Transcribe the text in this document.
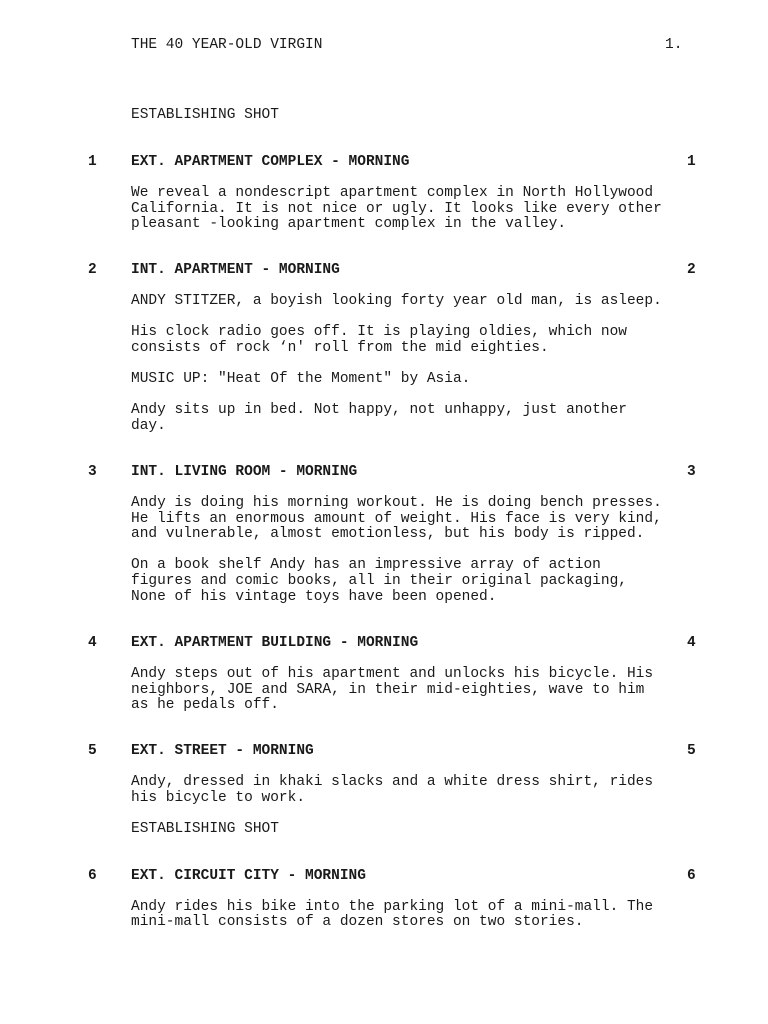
THE 40 YEAR-OLD VIRGIN	1.
ESTABLISHING SHOT
1 EXT. APARTMENT COMPLEX - MORNING	1
We reveal a nondescript apartment complex in North Hollywood
California. It is not nice or ugly. It looks like every other
pleasant -looking apartment complex in the valley.
2 INT. APARTMENT - MORNING	2
ANDY STITZER, a boyish looking forty year old man, is asleep.
His clock radio goes off. It is playing oldies, which now
consists of rock ‘n' roll from the mid eighties.
MUSIC UP: "Heat Of the Moment" by Asia.
Andy sits up in bed. Not happy, not unhappy, just another
day.
3 INT. LIVING ROOM - MORNING	3
Andy is doing his morning workout. He is doing bench presses.
He lifts an enormous amount of weight. His face is very kind,
and vulnerable, almost emotionless, but his body is ripped.
On a book shelf Andy has an impressive array of action
figures and comic books, all in their original packaging,
None of his vintage toys have been opened.
4 EXT. APARTMENT BUILDING - MORNING	4
Andy steps out of his apartment and unlocks his bicycle. His
neighbors, JOE and SARA, in their mid-eighties, wave to him
as he pedals off.
5 EXT. STREET - MORNING	5
Andy, dressed in khaki slacks and a white dress shirt, rides
his bicycle to work.
ESTABLISHING SHOT
6 EXT. CIRCUIT CITY - MORNING	6
Andy rides his bike into the parking lot of a mini-mall. The
mini-mall consists of a dozen stores on two stories.
